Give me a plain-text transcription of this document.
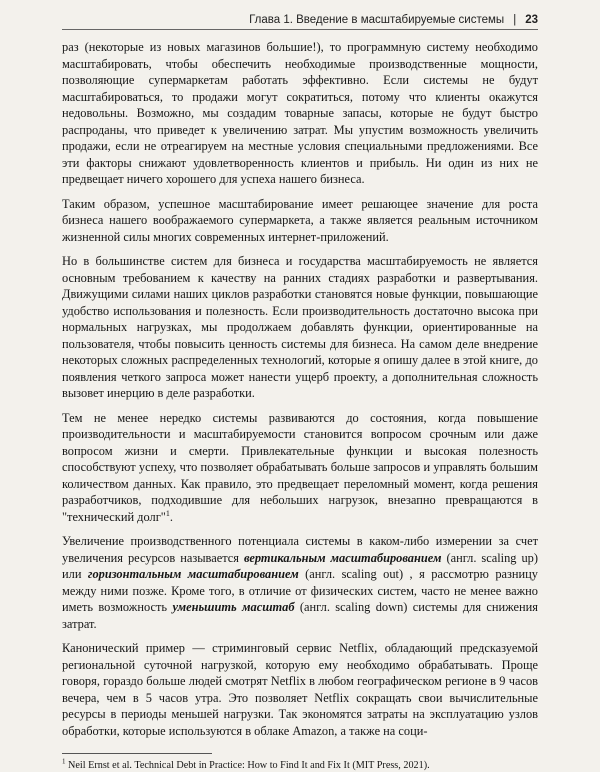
Глава 1. Введение в масштабируемые системы | 23

раз (некоторые из новых магазинов большие!), то программную систему необходимо масштабировать, чтобы обеспечить необходимые производственные мощности, позволяющие супермаркетам работать эффективно. Если системы не будут масштабироваться, то продажи могут сократиться, потому что клиенты окажутся недовольны. Возможно, мы создадим товарные запасы, которые не будут быстро распроданы, что приведет к увеличению затрат. Мы упустим возможность увеличить продажи, если не отреагируем на местные условия специальными предложениями. Все эти факторы снижают удовлетворенность клиентов и прибыль. Ни один из них не предвещает ничего хорошего для успеха нашего бизнеса.

Таким образом, успешное масштабирование имеет решающее значение для роста бизнеса нашего воображаемого супермаркета, а также является реальным источником жизненной силы многих современных интернет-приложений.

Но в большинстве систем для бизнеса и государства масштабируемость не является основным требованием к качеству на ранних стадиях разработки и развертывания. Движущими силами наших циклов разработки становятся новые функции, повышающие удобство использования и полезность. Если производительность достаточно высока при нормальных нагрузках, мы продолжаем добавлять функции, ориентированные на пользователя, чтобы повысить ценность системы для бизнеса. На самом деле внедрение некоторых сложных распределенных технологий, которые я опишу далее в этой книге, до появления четкого запроса может нанести ущерб проекту, а дополнительная сложность вызовет инерцию в деле разработки.

Тем не менее нередко системы развиваются до состояния, когда повышение производительности и масштабируемости становится вопросом срочным или даже вопросом жизни и смерти. Привлекательные функции и высокая полезность способствуют успеху, что позволяет обрабатывать больше запросов и управлять большим количеством данных. Как правило, это предвещает переломный момент, когда решения разработчиков, подходившие для небольших нагрузок, внезапно превращаются в "технический долг"$^1$.

Увеличение производственного потенциала системы в каком-либо измерении за счет увеличения ресурсов называется вертикальным масштабированием (англ. scaling up) или горизонтальным масштабированием (англ. scaling out) , я рассмотрю разницу между ними позже. Кроме того, в отличие от физических систем, часто не менее важно иметь возможность уменьшить масштаб (англ. scaling down) системы для снижения затрат.

Канонический пример — стриминговый сервис Netflix, обладающий предсказуемой региональной суточной нагрузкой, которую ему необходимо обрабатывать. Проще говоря, гораздо больше людей смотрят Netflix в любом географическом регионе в 9 часов вечера, чем в 5 часов утра. Это позволяет Netflix сокращать свои вычислительные ресурсы в периоды меньшей нагрузки. Так экономятся затраты на эксплуатацию узлов обработки, которые используются в облаке Amazon, а также на соци-

$^1$ Neil Ernst et al. Technical Debt in Practice: How to Find It and Fix It (MIT Press, 2021).
